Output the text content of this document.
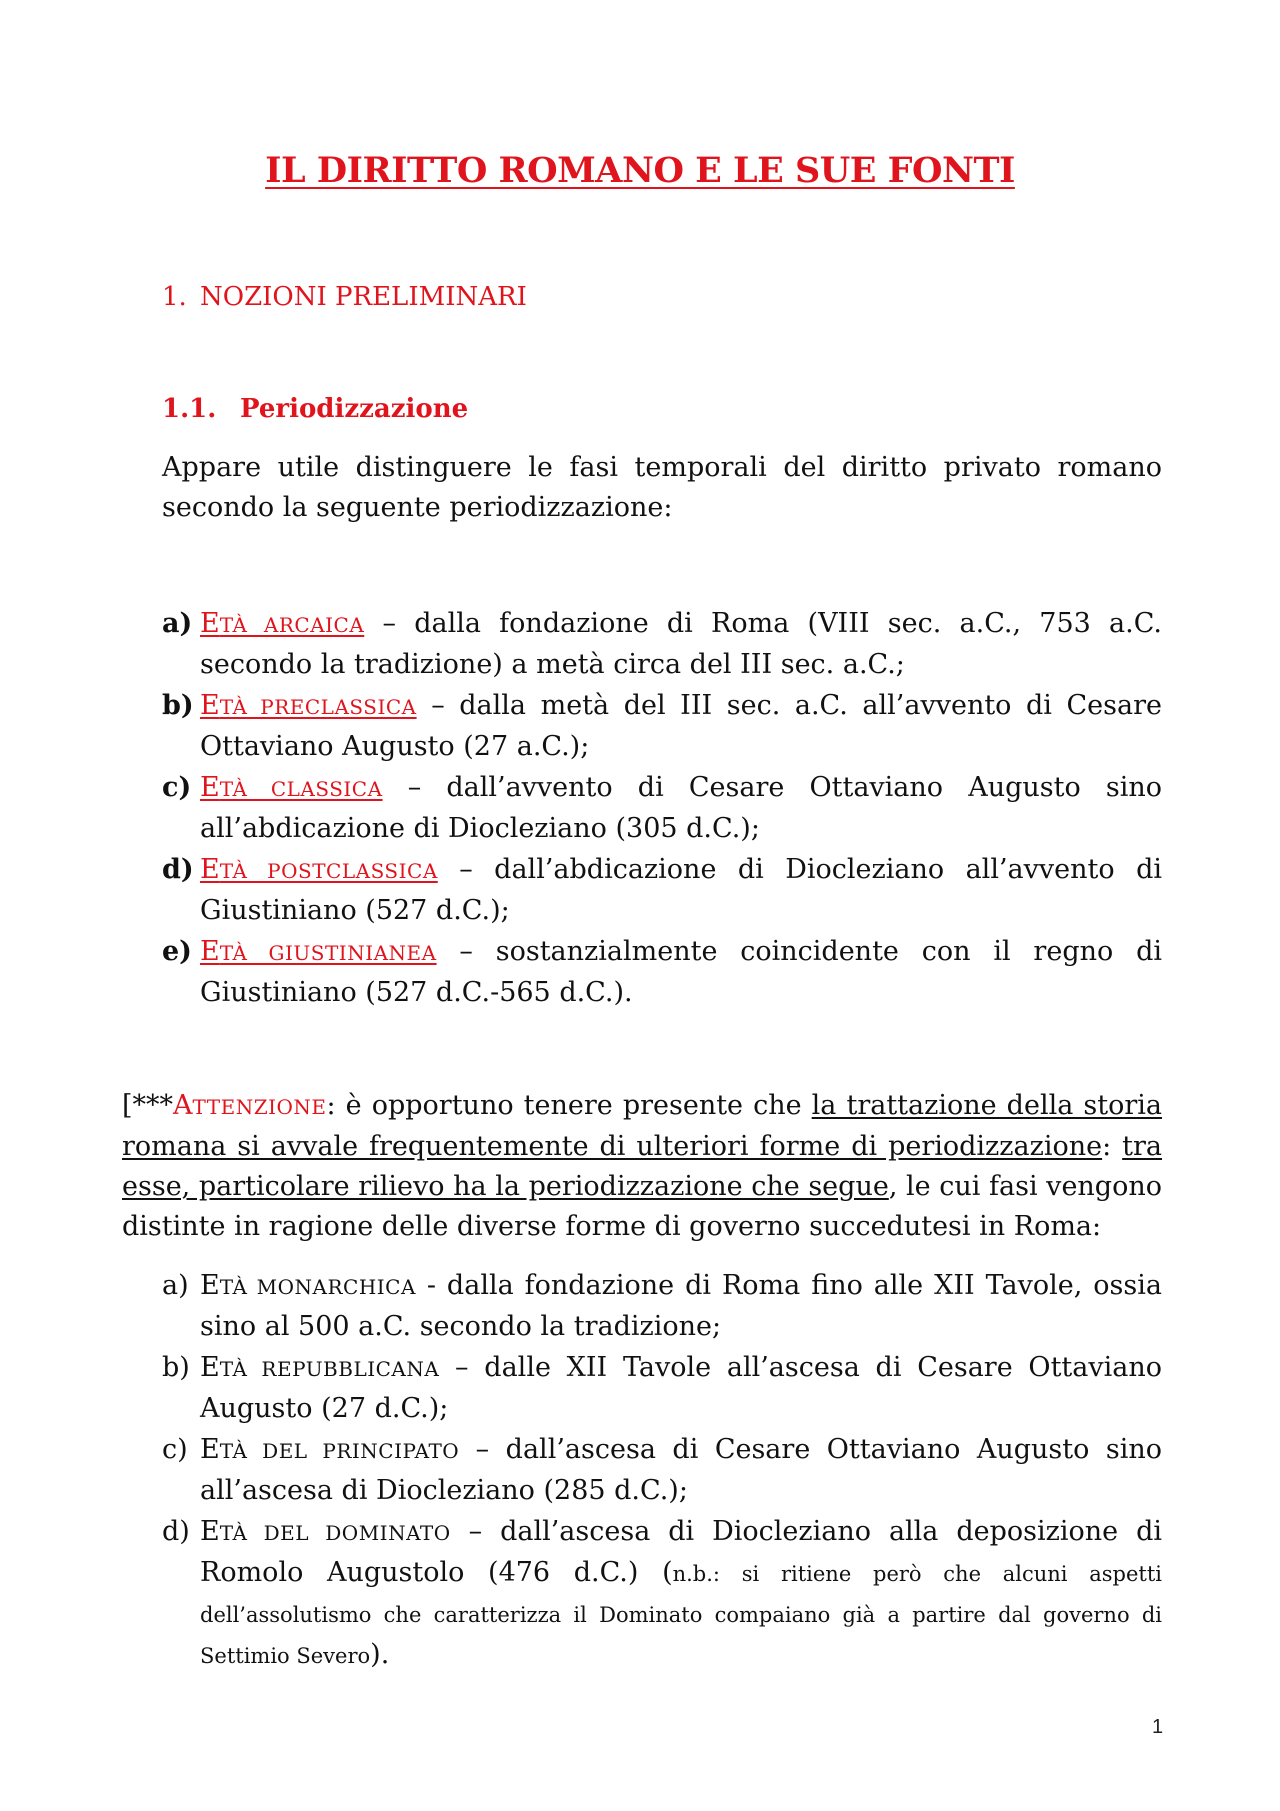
IL DIRITTO ROMANO E LE SUE FONTI
1. NOZIONI PRELIMINARI
1.1. Periodizzazione
Appare utile distinguere le fasi temporali del diritto privato romano secondo la seguente periodizzazione:
a) ETÀ ARCAICA – dalla fondazione di Roma (VIII sec. a.C., 753 a.C. secondo la tradizione) a metà circa del III sec. a.C.;
b) ETÀ PRECLASSICA – dalla metà del III sec. a.C. all’avvento di Cesare Ottaviano Augusto (27 a.C.);
c) ETÀ CLASSICA – dall’avvento di Cesare Ottaviano Augusto sino all’abdicazione di Diocleziano (305 d.C.);
d) ETÀ POSTCLASSICA – dall’abdicazione di Diocleziano all’avvento di Giustiniano (527 d.C.);
e) ETÀ GIUSTINIANEA – sostanzialmente coincidente con il regno di Giustiniano (527 d.C.-565 d.C.).
[***ATTENZIONE: è opportuno tenere presente che la trattazione della storia romana si avvale frequentemente di ulteriori forme di periodizzazione: tra esse, particolare rilievo ha la periodizzazione che segue, le cui fasi vengono distinte in ragione delle diverse forme di governo succedutesi in Roma:
a) ETÀ MONARCHICA - dalla fondazione di Roma fino alle XII Tavole, ossia sino al 500 a.C. secondo la tradizione;
b) ETÀ REPUBBLICANA – dalle XII Tavole all’ascesa di Cesare Ottaviano Augusto (27 d.C.);
c) ETÀ DEL PRINCIPATO – dall’ascesa di Cesare Ottaviano Augusto sino all’ascesa di Diocleziano (285 d.C.);
d) ETÀ DEL DOMINATO – dall’ascesa di Diocleziano alla deposizione di Romolo Augustolo (476 d.C.) (n.b.: si ritiene però che alcuni aspetti dell’assolutismo che caratterizza il Dominato compaiano già a partire dal governo di Settimio Severo).
1
